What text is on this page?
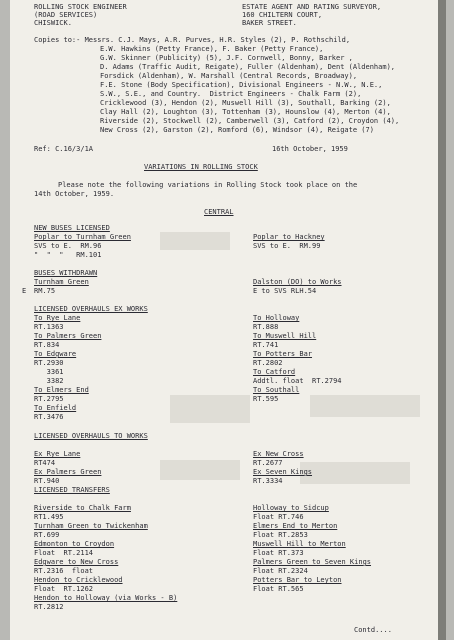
ROLLING STOCK ENGINEER
(ROAD SERVICES)
CHISWICK.
ESTATE AGENT AND RATING SURVEYOR,
160 CHILTERN COURT,
BAKER STREET.
Copies to:- Messrs. C.J. Mays, A.R. Purves, H.R. Styles (2), P. Rothschild,
E.W. Hawkins (Petty France), F. Baker (Petty France),
G.W. Skinner (Publicity) (5), J.F. Cornwell, Bonny, Barker ,
D. Adams (Traffic Audit, Reigate), Fuller (Aldenham), Dent (Aldenham),
Forsdick (Aldenham), W. Marshall (Central Records, Broadway),
F.E. Stone (Body Specification), Divisional Engineers - N.W., N.E.,
S.W., S.E., and Country.  District Engineers - Chalk Farm (2),
Cricklewood (3), Hendon (2), Muswell Hill (3), Southall, Barking (2),
Clay Hall (2), Loughton (3), Tottenham (3), Hounslow (4), Merton (4),
Riverside (2), Stockwell (2), Camberwell (3), Catford (2), Croydon (4),
New Cross (2), Garston (2), Romford (6), Windsor (4), Reigate (7)
Ref: C.16/3/1A	16th October, 1959
VARIATIONS IN ROLLING STOCK
Please note the following variations in Rolling Stock took place on the
14th October, 1959.
CENTRAL
NEW BUSES LICENSED
Poplar to Turnham Green
SVS to E.  RM.96
"  "  "   RM.101
Poplar to Hackney
SVS to E.  RM.99
BUSES WITHDRAWN
Turnham Green
E RM.75
Dalston (DO) to Works
E to SVS RLH.54
LICENSED OVERHAULS EX WORKS
LICENSED OVERHAULS TO WORKS
LICENSED TRANSFERS
Contd....
To Rye Lane
RT.1363
To Palmers Green
RT.834
To Edgware
RT.2930
3361
3382
To Elmers End
RT.2795
To Enfield
RT.3476
To Holloway
RT.888
To Muswell Hill
RT.741
To Potters Bar
RT.2802
To Catford
Addtl. float  RT.2794
To Southall
RT.595
Ex Rye Lane
RT474
Ex Palmers Green
RT.940
Ex New Cross
RT.2677
Ex Seven Kings
RT.3334
Riverside to Chalk Farm
RT1.495
Turnham Green to Twickenham
RT.699
Edmonton to Croydon
Float  RT.2114
Edgware to New Cross
RT.2316  float
Hendon to Cricklewood
Float  RT.1262
Hendon to Holloway (via Works - B)
RT.2812
Holloway to Sidcup
Float RT.746
Elmers End to Merton
Float RT.2853
Muswell Hill to Merton
Float RT.373
Palmers Green to Seven Kings
Float RT.2324
Potters Bar to Leyton
Float RT.565
